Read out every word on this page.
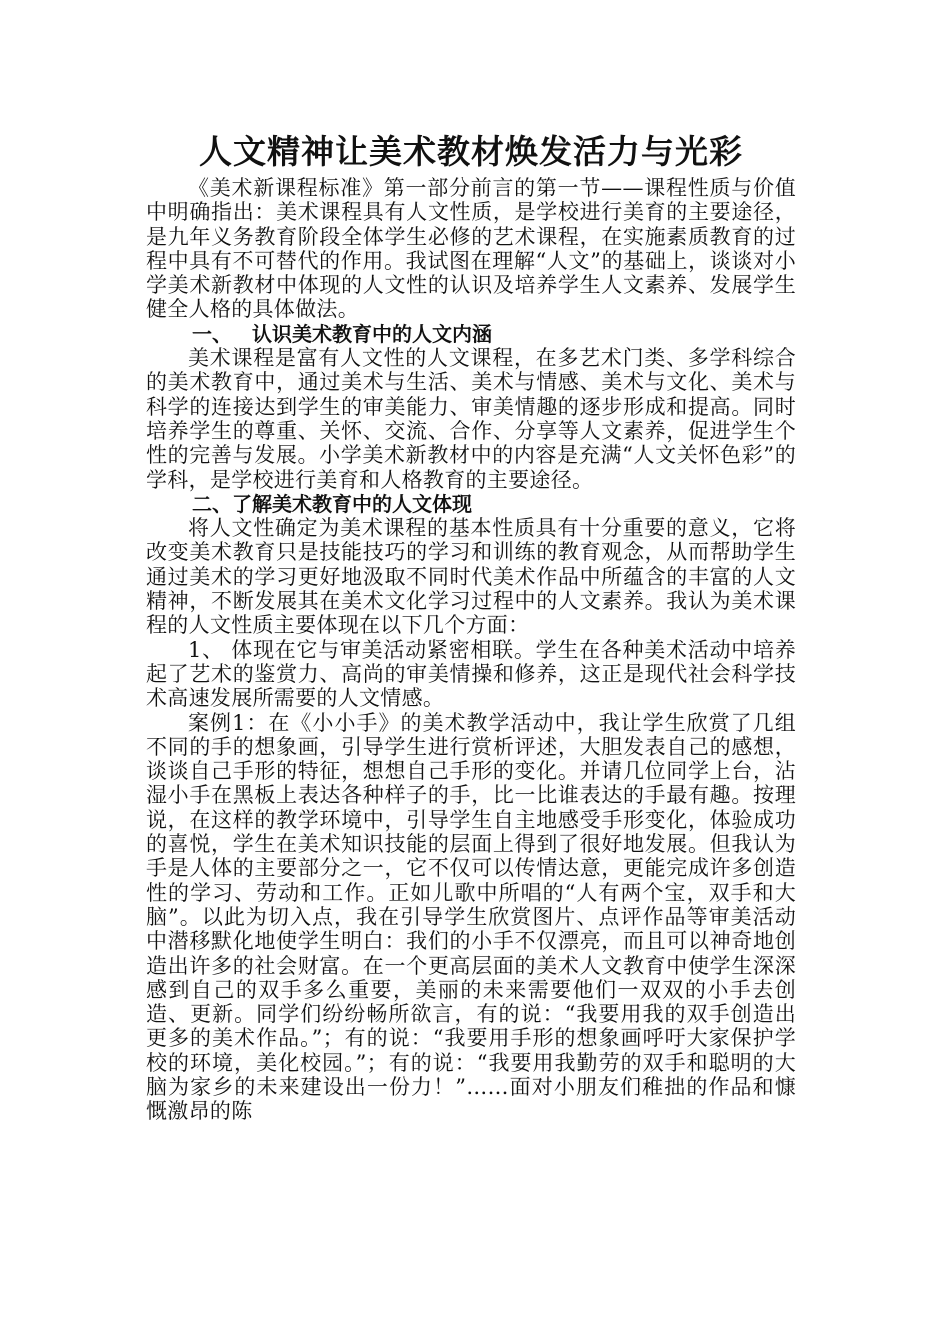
人文精神让美术教材焕发活力与光彩

《美术新课程标准》第一部分前言的第一节——课程性质与价值中明确指出：美术课程具有人文性质，是学校进行美育的主要途径，是九年义务教育阶段全体学生必修的艺术课程，在实施素质教育的过程中具有不可替代的作用。我试图在理解“人文”的基础上，谈谈对小学美术新教材中体现的人文性的认识及培养学生人文素养、发展学生健全人格的具体做法。

一、 认识美术教育中的人文内涵

美术课程是富有人文性的人文课程，在多艺术门类、多学科综合的美术教育中，通过美术与生活、美术与情感、美术与文化、美术与科学的连接达到学生的审美能力、审美情趣的逐步形成和提高。同时培养学生的尊重、关怀、交流、合作、分享等人文素养，促进学生个性的完善与发展。小学美术新教材中的内容是充满“人文关怀色彩”的学科，是学校进行美育和人格教育的主要途径。

二、了解美术教育中的人文体现

将人文性确定为美术课程的基本性质具有十分重要的意义，它将改变美术教育只是技能技巧的学习和训练的教育观念，从而帮助学生通过美术的学习更好地汲取不同时代美术作品中所蕴含的丰富的人文精神，不断发展其在美术文化学习过程中的人文素养。我认为美术课程的人文性质主要体现在以下几个方面：

1、 体现在它与审美活动紧密相联。学生在各种美术活动中培养起了艺术的鉴赏力、高尚的审美情操和修养，这正是现代社会科学技术高速发展所需要的人文情感。

案例1：在《小小手》的美术教学活动中，我让学生欣赏了几组不同的手的想象画，引导学生进行赏析评述，大胆发表自己的感想，谈谈自己手形的特征，想想自己手形的变化。并请几位同学上台，沾湿小手在黑板上表达各种样子的手，比一比谁表达的手最有趣。按理说，在这样的教学环境中，引导学生自主地感受手形变化，体验成功的喜悦，学生在美术知识技能的层面上得到了很好地发展。但我认为手是人体的主要部分之一，它不仅可以传情达意，更能完成许多创造性的学习、劳动和工作。正如儿歌中所唱的“人有两个宝，双手和大脑”。以此为切入点，我在引导学生欣赏图片、点评作品等审美活动中潜移默化地使学生明白：我们的小手不仅漂亮，而且可以神奇地创造出许多的社会财富。在一个更高层面的美术人文教育中使学生深深感到自己的双手多么重要，美丽的未来需要他们一双双的小手去创造、更新。同学们纷纷畅所欲言，有的说：“我要用我的双手创造出更多的美术作品。”；有的说：“我要用手形的想象画呼吁大家保护学校的环境，美化校园。”；有的说：“我要用我勤劳的双手和聪明的大脑为家乡的未来建设出一份力！”……面对小朋友们稚拙的作品和慷慨激昂的陈
